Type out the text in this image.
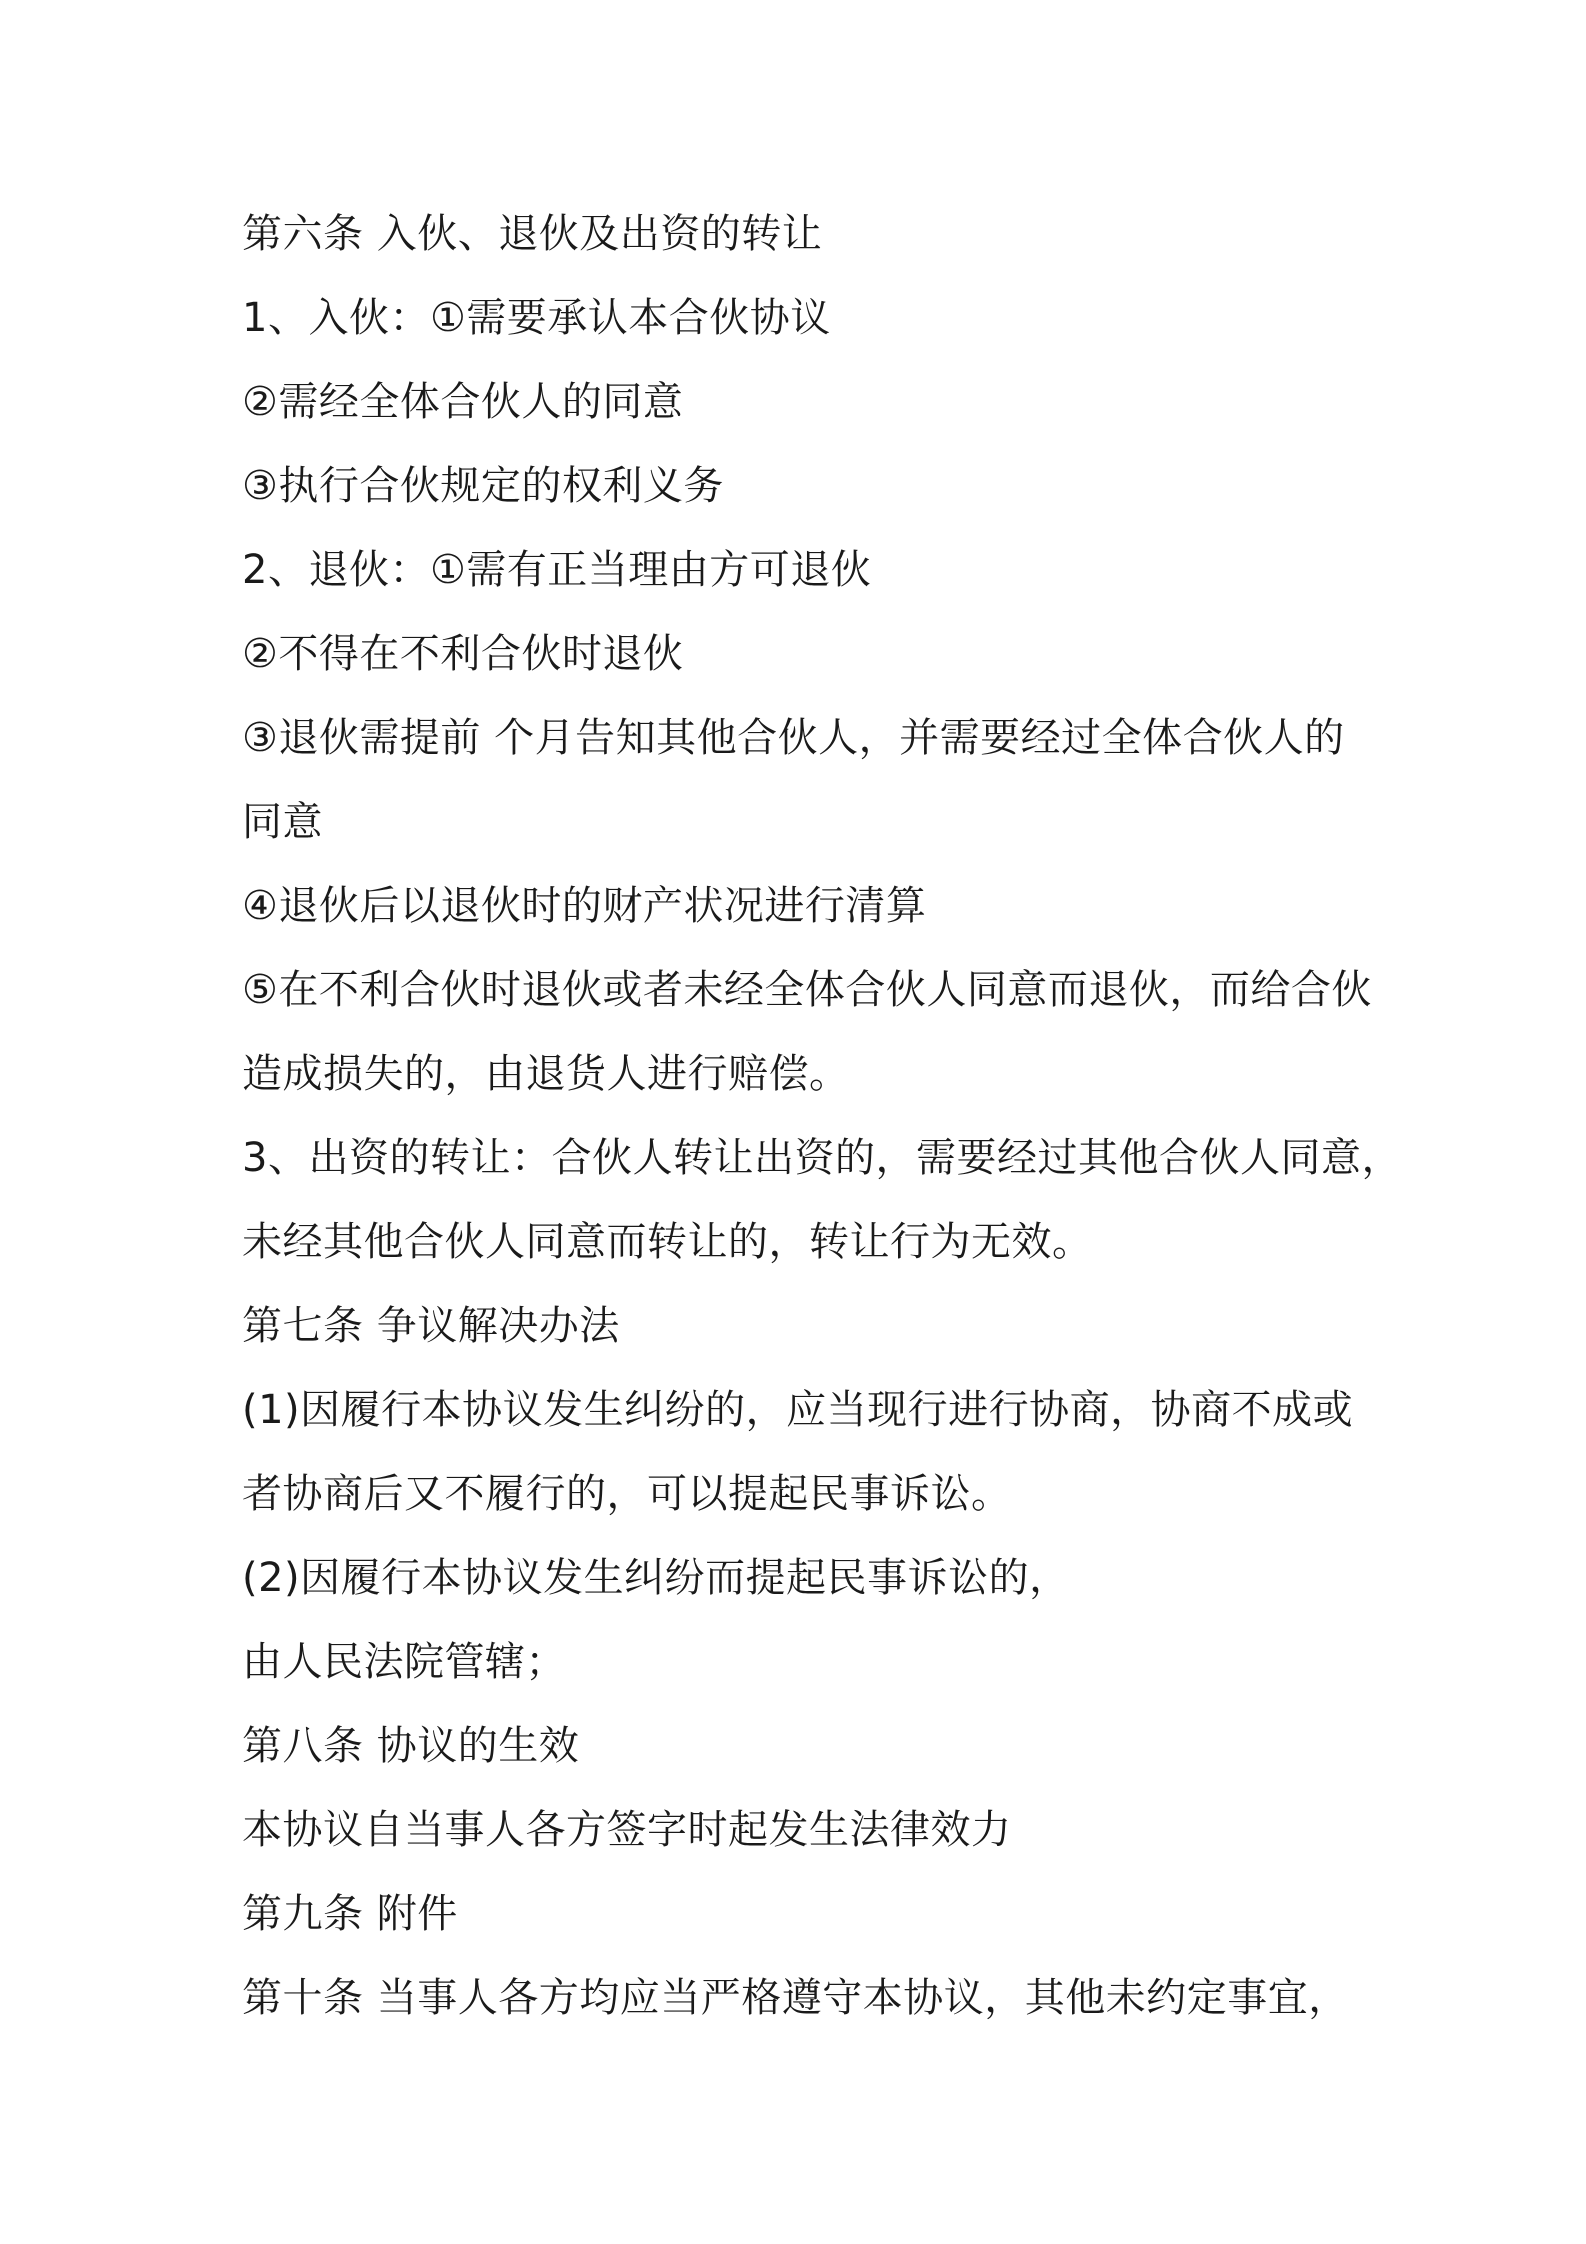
第六条 入伙、退伙及出资的转让
1、入伙：①需要承认本合伙协议
②需经全体合伙人的同意
③执行合伙规定的权利义务
2、退伙：①需有正当理由方可退伙
②不得在不利合伙时退伙
③退伙需提前 个月告知其他合伙人，并需要经过全体合伙人的
同意
④退伙后以退伙时的财产状况进行清算
⑤在不利合伙时退伙或者未经全体合伙人同意而退伙，而给合伙
造成损失的，由退货人进行赔偿。
3、出资的转让：合伙人转让出资的，需要经过其他合伙人同意，
未经其他合伙人同意而转让的，转让行为无效。
第七条 争议解决办法
(1)因履行本协议发生纠纷的，应当现行进行协商，协商不成或
者协商后又不履行的，可以提起民事诉讼。
(2)因履行本协议发生纠纷而提起民事诉讼的，
由人民法院管辖；
第八条 协议的生效
本协议自当事人各方签字时起发生法律效力
第九条 附件
第十条 当事人各方均应当严格遵守本协议，其他未约定事宜，
